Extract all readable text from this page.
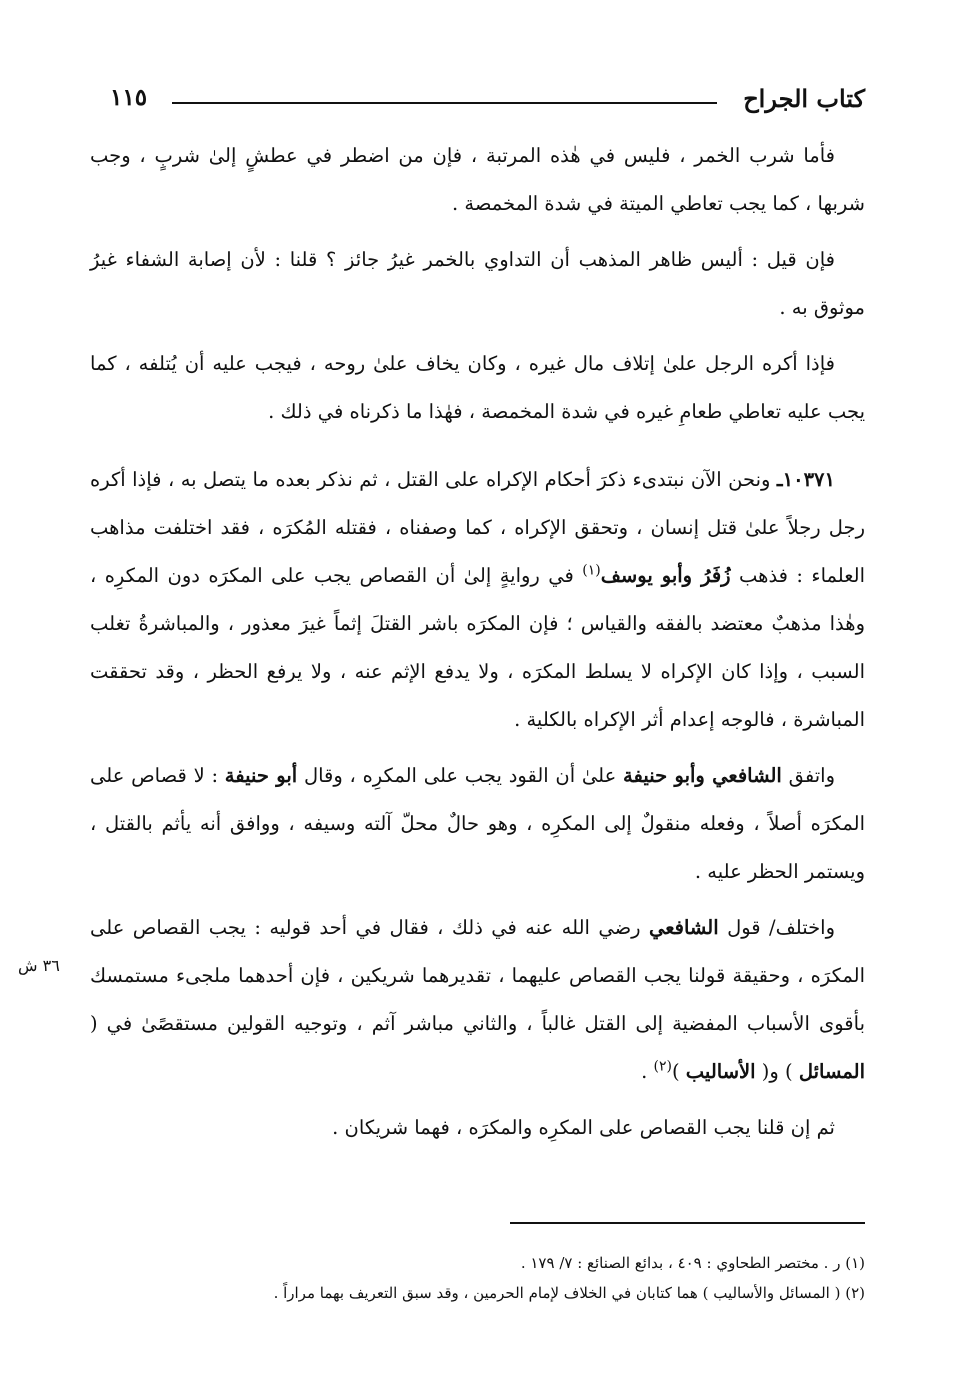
كتاب الجراح
١١٥
٣٦ ش

فأما شرب الخمر ، فليس في هٰذه المرتبة ، فإن من اضطر في عطشٍ إلىٰ شربٍ ، وجب شربها ، كما يجب تعاطي الميتة في شدة المخمصة .

فإن قيل : أليس ظاهر المذهب أن التداوي بالخمر غيرُ جائز ؟ قلنا : لأن إصابة الشفاء غيرُ موثوق به .

فإذا أكره الرجل علىٰ إتلاف مال غيره ، وكان يخاف علىٰ روحه ، فيجب عليه أن يُتلفه ، كما يجب عليه تعاطي طعامِ غيره في شدة المخمصة ، فهٰذا ما ذكرناه في ذلك .

١٠٣٧١ـ ونحن الآن نبتدىء ذكرَ أحكام الإكراه على القتل ، ثم نذكر بعده ما يتصل به ، فإذا أكره رجل رجلاً علىٰ قتل إنسان ، وتحقق الإكراه ، كما وصفناه ، فقتله المُكرَه ، فقد اختلفت مذاهب العلماء : فذهب زُفَرُ وأبو يوسف$^{(١)}$ في روايةٍ إلىٰ أن القصاص يجب على المكرَه دون المكرِه ، وهٰذا مذهبٌ معتضد بالفقه والقياس ؛ فإن المكرَه باشر القتلَ إثماً غيرَ معذور ، والمباشرةُ تغلب السبب ، وإذا كان الإكراه لا يسلط المكرَه ، ولا يدفع الإثم عنه ، ولا يرفع الحظر ، وقد تحققت المباشرة ، فالوجه إعدام أثر الإكراه بالكلية .

واتفق الشافعي وأبو حنيفة علىٰ أن القود يجب على المكرِه ، وقال أبو حنيفة : لا قصاص على المكرَه أصلاً ، وفعله منقولٌ إلى المكرِه ، وهو حالٌ محلّ آلته وسيفه ، ووافق أنه يأثم بالقتل ، ويستمر الحظر عليه .

واختلف/ قول الشافعي رضي الله عنه في ذلك ، فقال في أحد قوليه : يجب القصاص على المكرَه ، وحقيقة قولنا يجب القصاص عليهما ، تقديرهما شريكين ، فإن أحدهما ملجىء مستمسك بأقوى الأسباب المفضية إلى القتل غالباً ، والثاني مباشر آثم ، وتوجيه القولين مستقصًىٰ في ( المسائل ) و( الأساليب )$^{(٢)}$ .

ثم إن قلنا يجب القصاص على المكرِه والمكرَه ، فهما شريكان .

(١) ر . مختصر الطحاوي : ٤٠٩ ، بدائع الصنائع : ٧/ ١٧٩ .

(٢) ( المسائل والأساليب ) هما كتابان في الخلاف لإمام الحرمين ، وقد سبق التعريف بهما مراراً .
